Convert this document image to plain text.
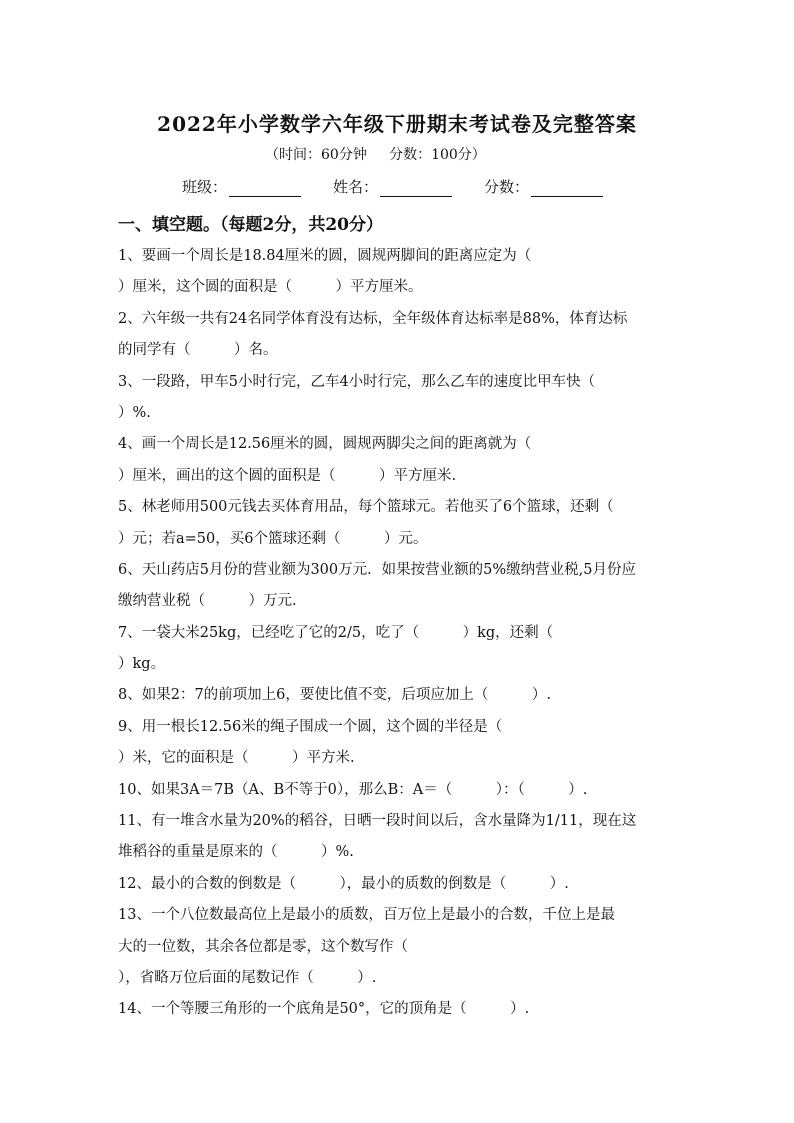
2022年小学数学六年级下册期末考试卷及完整答案
（时间：60分钟     分数：100分）
班级：	姓名：	分数：
一、填空题。（每题2分，共20分）
1、要画一个周长是18.84厘米的圆，圆规两脚间的距离应定为（
）厘米，这个圆的面积是（　　　）平方厘米。
2、六年级一共有24名同学体育没有达标，全年级体育达标率是88%，体育达标
的同学有（　　　）名。
3、一段路，甲车5小时行完，乙车4小时行完，那么乙车的速度比甲车快（
）%.
4、画一个周长是12.56厘米的圆，圆规两脚尖之间的距离就为（
）厘米，画出的这个圆的面积是（　　　）平方厘米.
5、林老师用500元钱去买体育用品，每个篮球元。若他买了6个篮球，还剩（
）元；若a=50，买6个篮球还剩（　　　）元。
6、天山药店5月份的营业额为300万元．如果按营业额的5%缴纳营业税,5月份应
缴纳营业税（　　　）万元.
7、一袋大米25kg，已经吃了它的2/5，吃了（　　　）kg，还剩（
）kg。
8、如果2：7的前项加上6，要使比值不变，后项应加上（　　　）.
9、用一根长12.56米的绳子围成一个圆，这个圆的半径是（
）米，它的面积是（　　　）平方米.
10、如果3A＝7B（A、B不等于0），那么B：A＝（　　　）：（　　　）.
11、有一堆含水量为20%的稻谷，日晒一段时间以后，含水量降为1/11，现在这
堆稻谷的重量是原来的（　　　）%.
12、最小的合数的倒数是（　　　），最小的质数的倒数是（　　　）.
13、一个八位数最高位上是最小的质数，百万位上是最小的合数，千位上是最
大的一位数，其余各位都是零，这个数写作（
），省略万位后面的尾数记作（　　　）.
14、一个等腰三角形的一个底角是50°，它的顶角是（　　　）.
